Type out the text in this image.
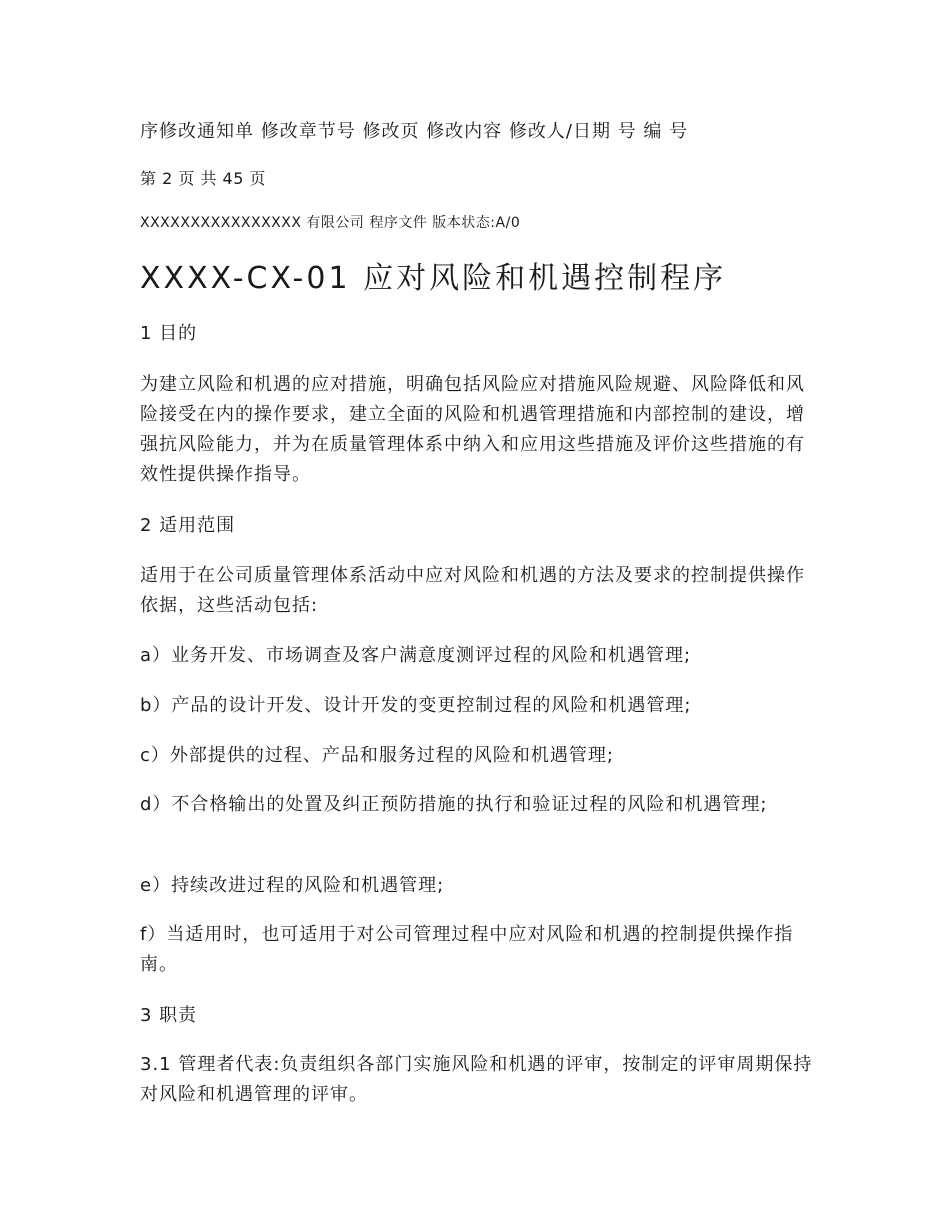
序修改通知单 修改章节号 修改页 修改内容 修改人/日期 号 编 号
第 2 页 共 45 页
XXXXXXXXXXXXXXXX 有限公司 程序文件 版本状态:A/0
XXXX-CX-01 应对风险和机遇控制程序
1 目的
为建立风险和机遇的应对措施，明确包括风险应对措施风险规避、风险降低和风险接受在内的操作要求，建立全面的风险和机遇管理措施和内部控制的建设，增强抗风险能力，并为在质量管理体系中纳入和应用这些措施及评价这些措施的有效性提供操作指导。
2 适用范围
适用于在公司质量管理体系活动中应对风险和机遇的方法及要求的控制提供操作依据，这些活动包括:
a）业务开发、市场调查及客户满意度测评过程的风险和机遇管理;
b）产品的设计开发、设计开发的变更控制过程的风险和机遇管理;
c）外部提供的过程、产品和服务过程的风险和机遇管理;
d）不合格输出的处置及纠正预防措施的执行和验证过程的风险和机遇管理;
e）持续改进过程的风险和机遇管理;
f）当适用时，也可适用于对公司管理过程中应对风险和机遇的控制提供操作指南。
3 职责
3.1 管理者代表:负责组织各部门实施风险和机遇的评审，按制定的评审周期保持对风险和机遇管理的评审。
